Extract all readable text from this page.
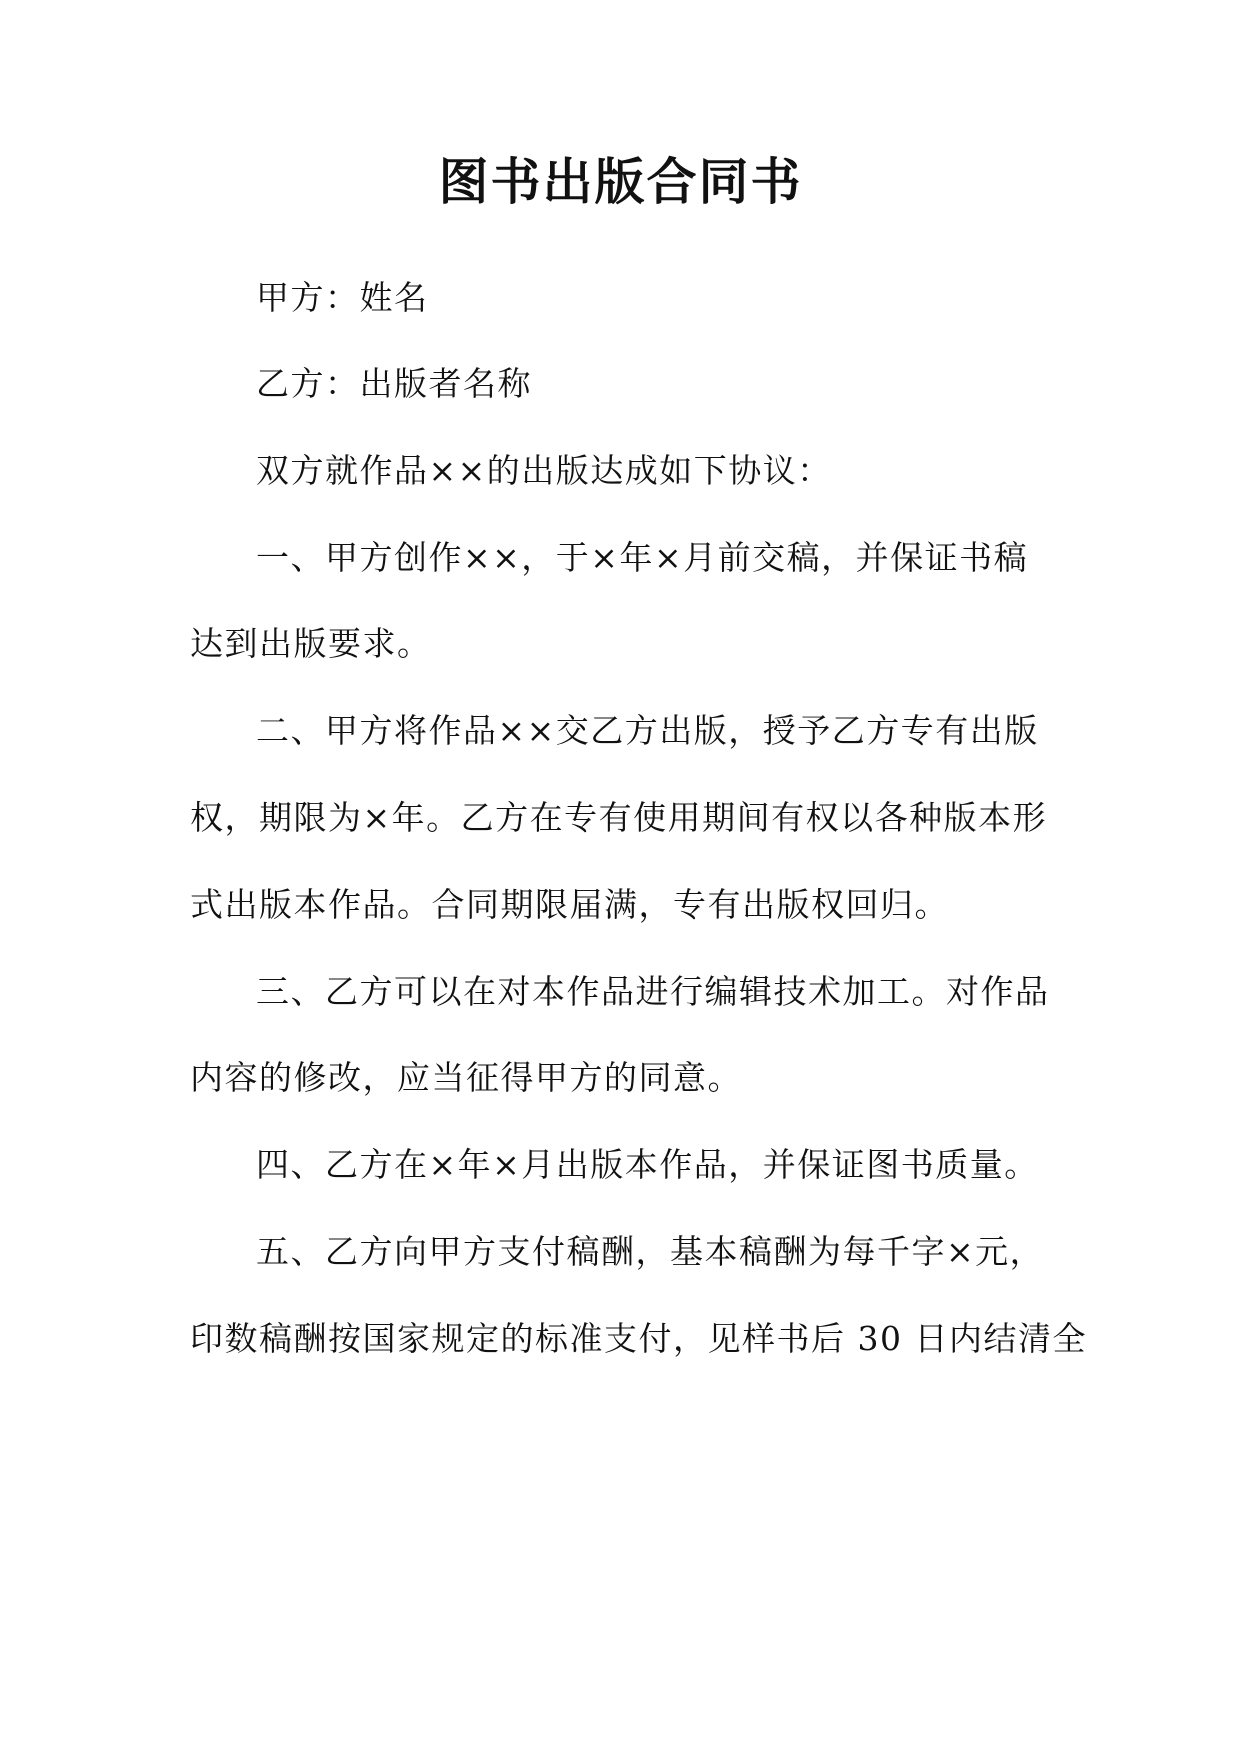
图书出版合同书
甲方：姓名
乙方：出版者名称
双方就作品××的出版达成如下协议：
一、甲方创作××，于×年×月前交稿，并保证书稿
达到出版要求。
二、甲方将作品××交乙方出版，授予乙方专有出版
权，期限为×年。乙方在专有使用期间有权以各种版本形
式出版本作品。合同期限届满，专有出版权回归。
三、乙方可以在对本作品进行编辑技术加工。对作品
内容的修改，应当征得甲方的同意。
四、乙方在×年×月出版本作品，并保证图书质量。
五、乙方向甲方支付稿酬，基本稿酬为每千字×元，
印数稿酬按国家规定的标准支付，见样书后 30 日内结清全
